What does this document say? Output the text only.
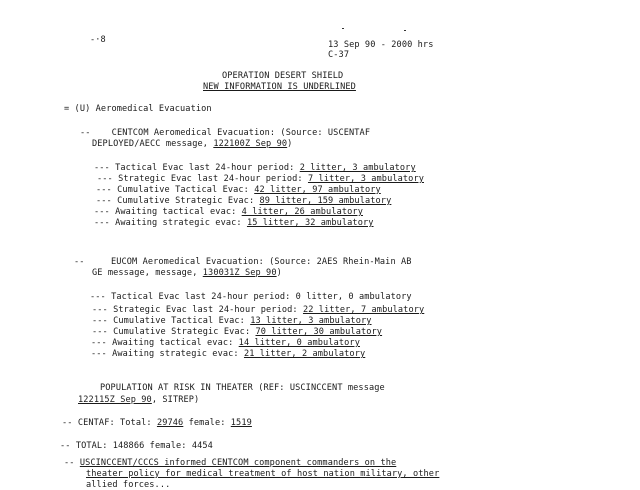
-·8	13 Sep 90 - 2000 hrs
C-37
OPERATION DESERT SHIELD
NEW INFORMATION IS UNDERLINED
= (U) Aeromedical Evacuation
-- CENTCOM Aeromedical Evacuation: (Source: USCENTAF
DEPLOYED/AECC message, 122100Z Sep 90)
--- Tactical Evac last 24-hour period: 2 litter, 3 ambulatory
--- Strategic Evac last 24-hour period: 7 litter, 3 ambulatory
--- Cumulative Tactical Evac: 42 litter, 97 ambulatory
--- Cumulative Strategic Evac: 89 litter, 159 ambulatory
--- Awaiting tactical evac: 4 litter, 26 ambulatory
--- Awaiting strategic evac: 15 litter, 32 ambulatory
--	EUCOM Aeromedical Evacuation: (Source: 2AES Rhein-Main AB
GE message, message, 130031Z Sep 90)
--- Tactical Evac last 24-hour period: 0 litter, 0 ambulatory
--- Strategic Evac last 24-hour period: 22 litter, 7 ambulatory
--- Cumulative Tactical Evac: 13 litter, 3 ambulatory
--- Cumulative Strategic Evac: 70 litter, 30 ambulatory
--- Awaiting tactical evac: 14 litter, 0 ambulatory
--- Awaiting strategic evac: 21 litter, 2 ambulatory
POPULATION AT RISK IN THEATER (REF: USCINCCENT message
122115Z Sep 90, SITREP)
-- CENTAF: Total: 29746 female: 1519
-- TOTAL: 148866 female: 4454
-- USCINCCENT/CCCS informed CENTCOM component commanders on the
theater policy for medical treatment of host nation military, other
allied forces...
